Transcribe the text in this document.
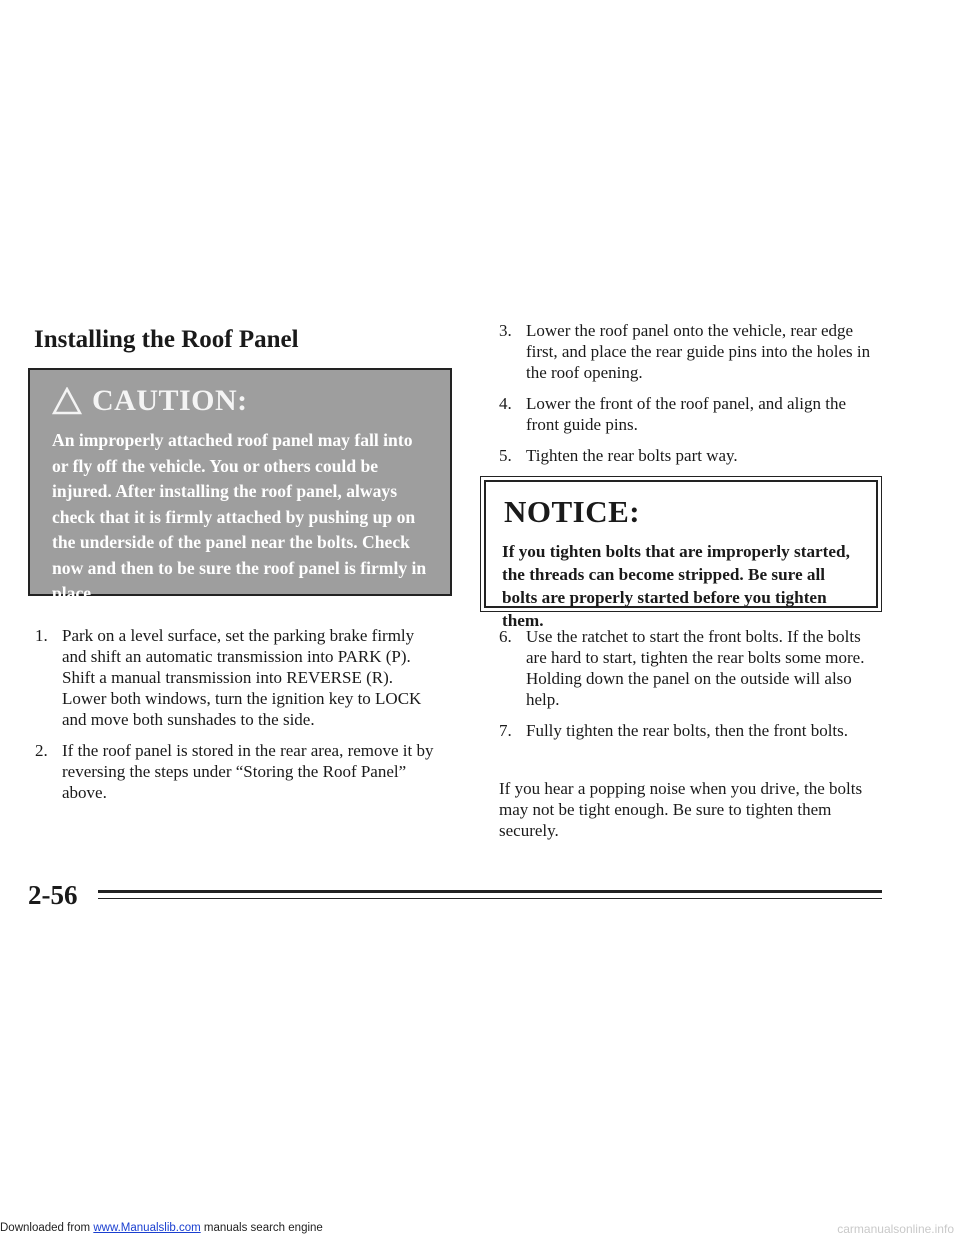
Downloaded from www.Manualslib.com manuals search engine	carmanualsonline.info
Installing the Roof Panel
CAUTION:
An improperly attached roof panel may fall into or fly off the vehicle. You or others could be injured. After installing the roof panel, always check that it is firmly attached by pushing up on the underside of the panel near the bolts. Check now and then to be sure the roof panel is firmly in place.
1. Park on a level surface, set the parking brake firmly and shift an automatic transmission into PARK (P). Shift a manual transmission into REVERSE (R). Lower both windows, turn the ignition key to LOCK and move both sunshades to the side.
2. If the roof panel is stored in the rear area, remove it by reversing the steps under “Storing the Roof Panel” above.
3. Lower the roof panel onto the vehicle, rear edge first, and place the rear guide pins into the holes in the roof opening.
4. Lower the front of the roof panel, and align the front guide pins.
5. Tighten the rear bolts part way.
NOTICE:
If you tighten bolts that are improperly started, the threads can become stripped. Be sure all bolts are properly started before you tighten them.
6. Use the ratchet to start the front bolts. If the bolts are hard to start, tighten the rear bolts some more. Holding down the panel on the outside will also help.
7. Fully tighten the rear bolts, then the front bolts.

If you hear a popping noise when you drive, the bolts may not be tight enough. Be sure to tighten them securely.

2-56
